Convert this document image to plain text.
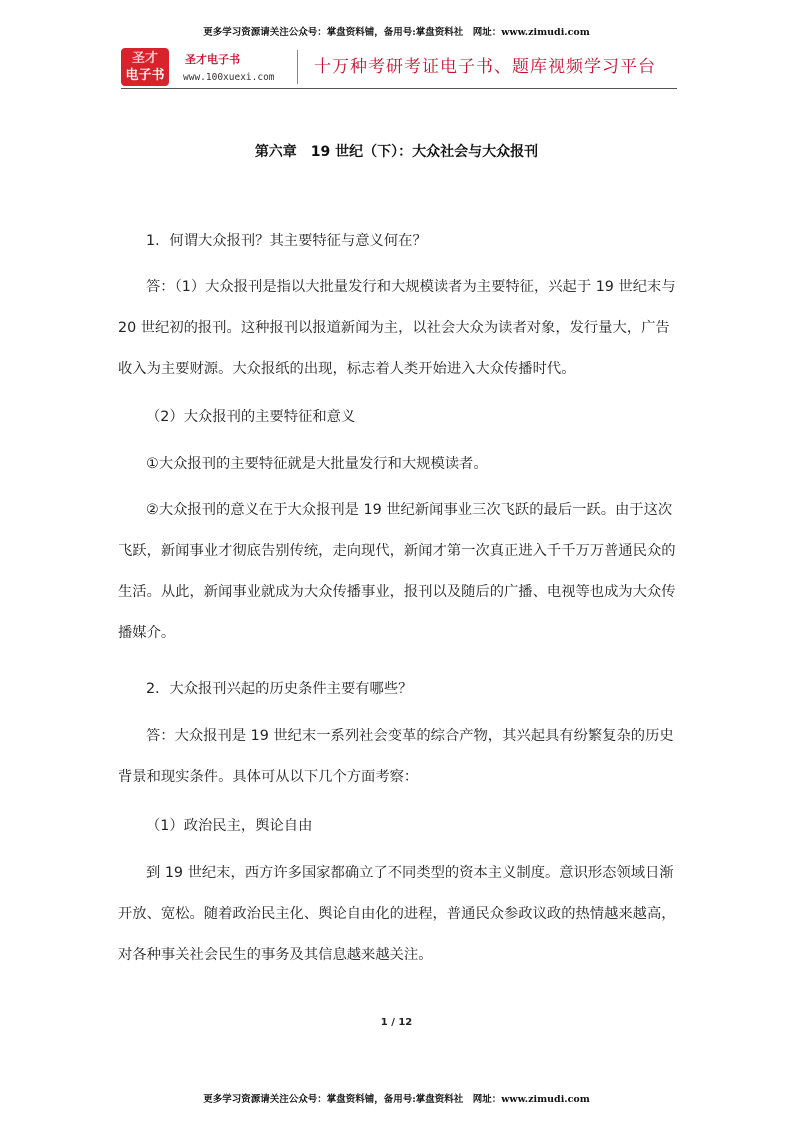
更多学习资源请关注公众号：掌盘资料铺，备用号:掌盘资料社　网址：www.zimudi.com
圣才
电子书
圣才电子书
www.100xuexi.com
十万种考研考证电子书、题库视频学习平台
第六章　19 世纪（下）：大众社会与大众报刊

1．何谓大众报刊？其主要特征与意义何在？

答：（1）大众报刊是指以大批量发行和大规模读者为主要特征，兴起于 19 世纪末与 20 世纪初的报刊。这种报刊以报道新闻为主，以社会大众为读者对象，发行量大，广告收入为主要财源。大众报纸的出现，标志着人类开始进入大众传播时代。

（2）大众报刊的主要特征和意义

①大众报刊的主要特征就是大批量发行和大规模读者。

②大众报刊的意义在于大众报刊是 19 世纪新闻事业三次飞跃的最后一跃。由于这次飞跃，新闻事业才彻底告别传统，走向现代，新闻才第一次真正进入千千万万普通民众的生活。从此，新闻事业就成为大众传播事业，报刊以及随后的广播、电视等也成为大众传播媒介。

2．大众报刊兴起的历史条件主要有哪些？

答：大众报刊是 19 世纪末一系列社会变革的综合产物，其兴起具有纷繁复杂的历史背景和现实条件。具体可从以下几个方面考察：

（1）政治民主，舆论自由

到 19 世纪末，西方许多国家都确立了不同类型的资本主义制度。意识形态领域日渐开放、宽松。随着政治民主化、舆论自由化的进程，普通民众参政议政的热情越来越高，对各种事关社会民生的事务及其信息越来越关注。

1 / 12
更多学习资源请关注公众号：掌盘资料铺，备用号:掌盘资料社　网址：www.zimudi.com
